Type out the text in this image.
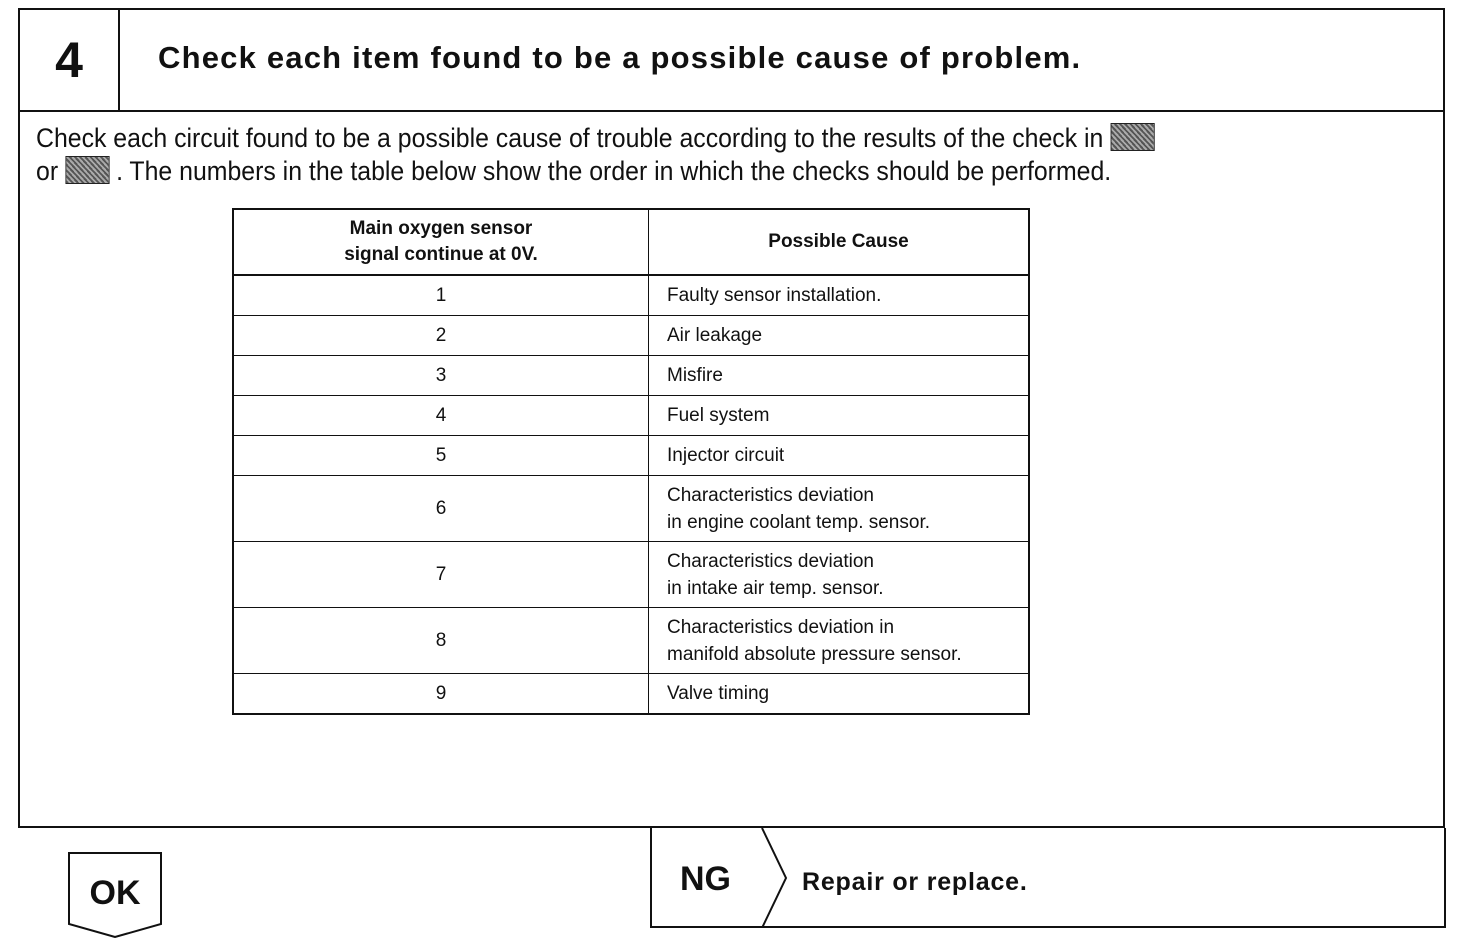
4	Check each item found to be a possible cause of problem.
Check each circuit found to be a possible cause of trouble according to the results of the check in
or . The numbers in the table below show the order in which the checks should be performed.
Main oxygen sensor
signal continue at 0V.	Possible Cause
1	Faulty sensor installation.
2	Air leakage
3	Misfire
4	Fuel system
5	Injector circuit
6	Characteristics deviation
in engine coolant temp. sensor.
7	Characteristics deviation
in intake air temp. sensor.
8	Characteristics deviation in
manifold absolute pressure sensor.
9	Valve timing
OK	NG	Repair or replace.
